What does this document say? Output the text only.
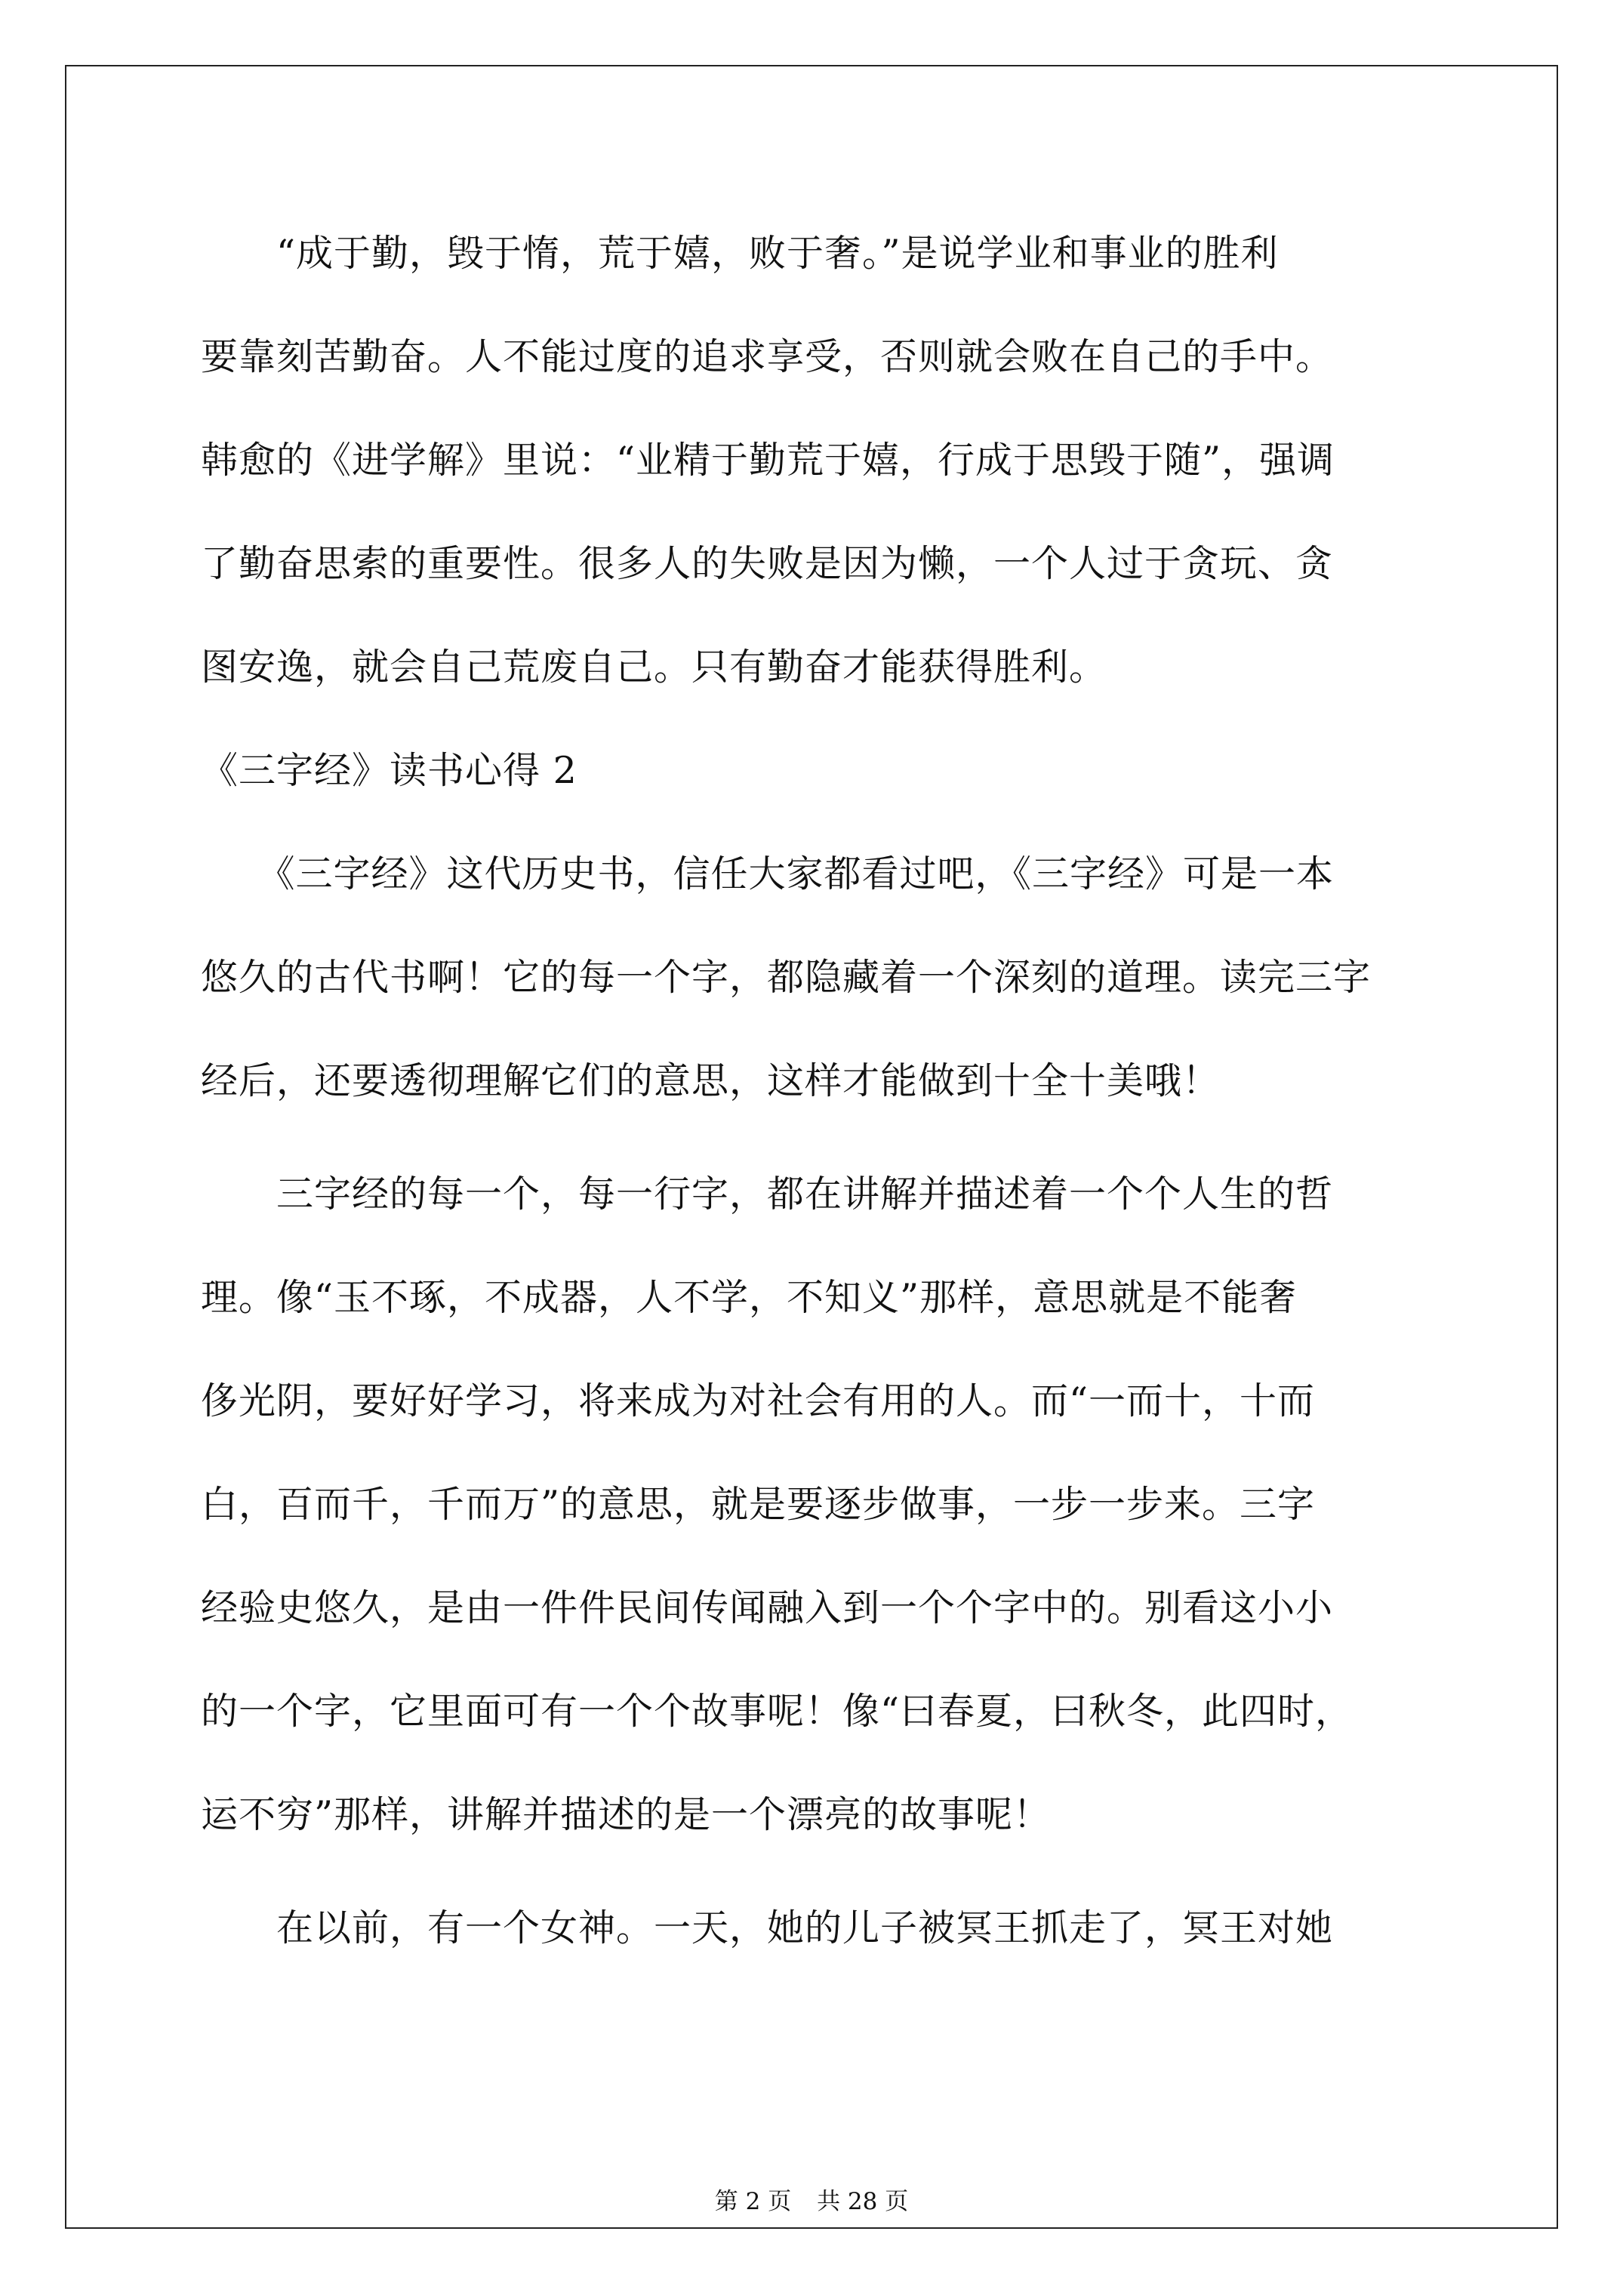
　　“成于勤，毁于惰，荒于嬉，败于奢。”是说学业和事业的胜利
要靠刻苦勤奋。人不能过度的追求享受，否则就会败在自己的手中。
韩愈的《进学解》里说：“业精于勤荒于嬉，行成于思毁于随”，强调
了勤奋思索的重要性。很多人的失败是因为懒，一个人过于贪玩、贪
图安逸，就会自己荒废自己。只有勤奋才能获得胜利。
《三字经》读书心得 2
　　《三字经》这代历史书，信任大家都看过吧，《三字经》可是一本
悠久的古代书啊！它的每一个字，都隐藏着一个深刻的道理。读完三字
经后，还要透彻理解它们的意思，这样才能做到十全十美哦！
　　三字经的每一个，每一行字，都在讲解并描述着一个个人生的哲
理。像“玉不琢，不成器，人不学，不知义”那样，意思就是不能奢
侈光阴，要好好学习，将来成为对社会有用的人。而“一而十，十而
白，百而千，千而万”的意思，就是要逐步做事，一步一步来。三字
经验史悠久，是由一件件民间传闻融入到一个个字中的。别看这小小
的一个字，它里面可有一个个故事呢！像“曰春夏，曰秋冬，此四时，
运不穷”那样，讲解并描述的是一个漂亮的故事呢！
　　在以前，有一个女神。一天，她的儿子被冥王抓走了，冥王对她
第 2 页 共 28 页
